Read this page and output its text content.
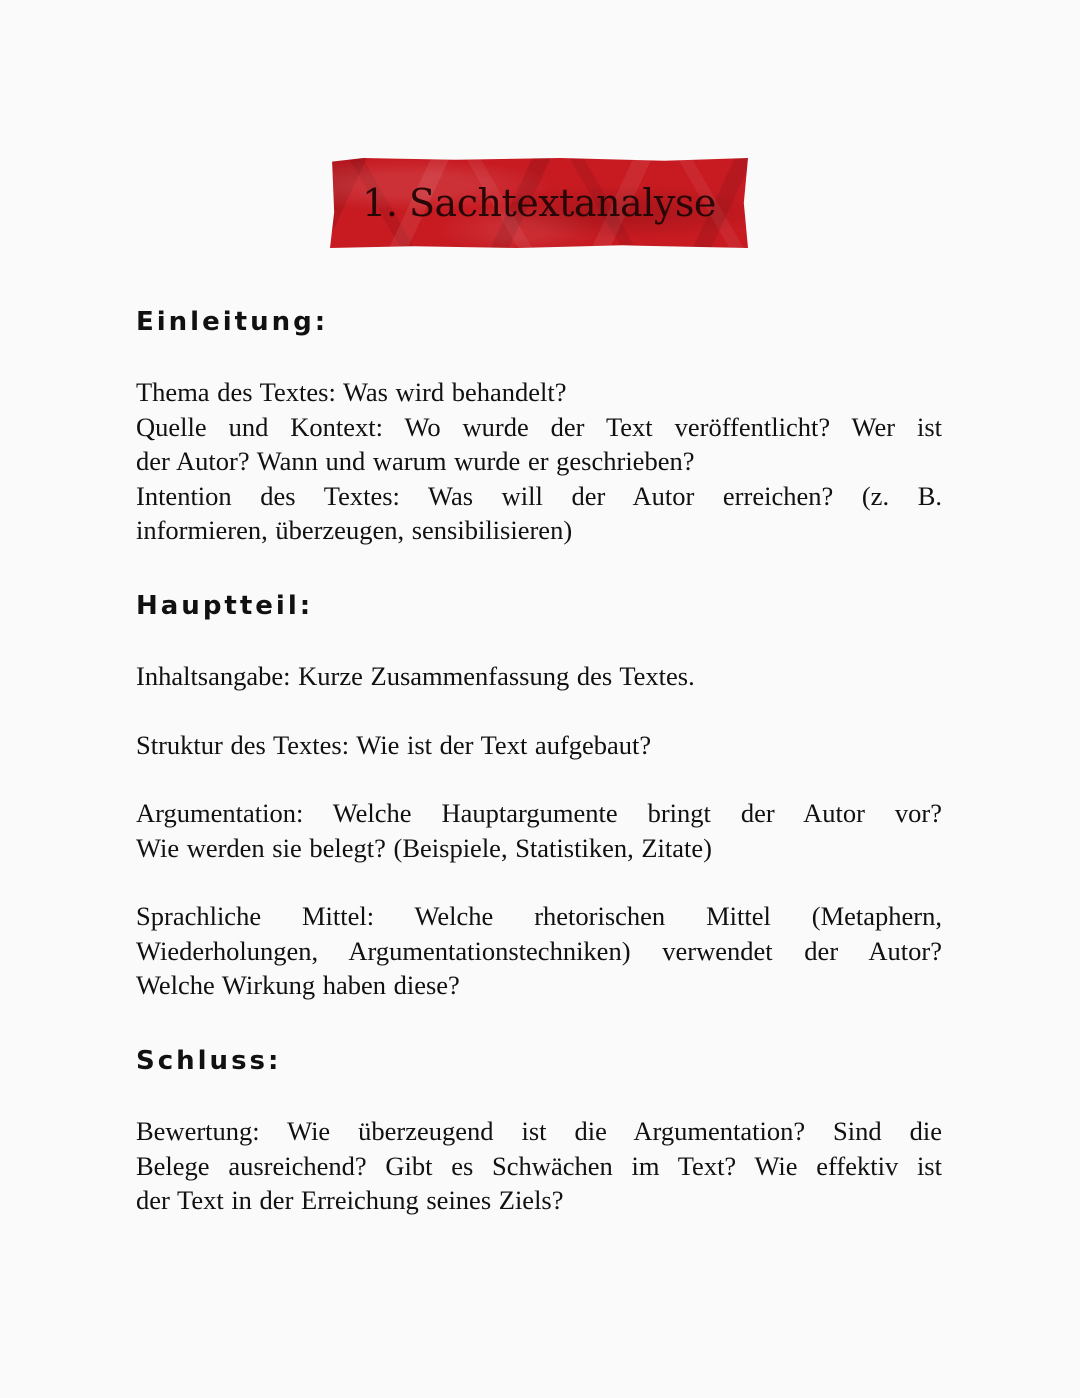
1. Sachtextanalyse
Einleitung:
Thema des Textes: Was wird behandelt?
Quelle und Kontext: Wo wurde der Text veröffentlicht? Wer ist
der Autor? Wann und warum wurde er geschrieben?
Intention des Textes: Was will der Autor erreichen? (z. B.
informieren, überzeugen, sensibilisieren)
Hauptteil:
Inhaltsangabe: Kurze Zusammenfassung des Textes.
Struktur des Textes: Wie ist der Text aufgebaut?
Argumentation: Welche Hauptargumente bringt der Autor vor?
Wie werden sie belegt? (Beispiele, Statistiken, Zitate)
Sprachliche Mittel: Welche rhetorischen Mittel (Metaphern,
Wiederholungen, Argumentationstechniken) verwendet der Autor?
Welche Wirkung haben diese?
Schluss:
Bewertung: Wie überzeugend ist die Argumentation? Sind die
Belege ausreichend? Gibt es Schwächen im Text? Wie effektiv ist
der Text in der Erreichung seines Ziels?
